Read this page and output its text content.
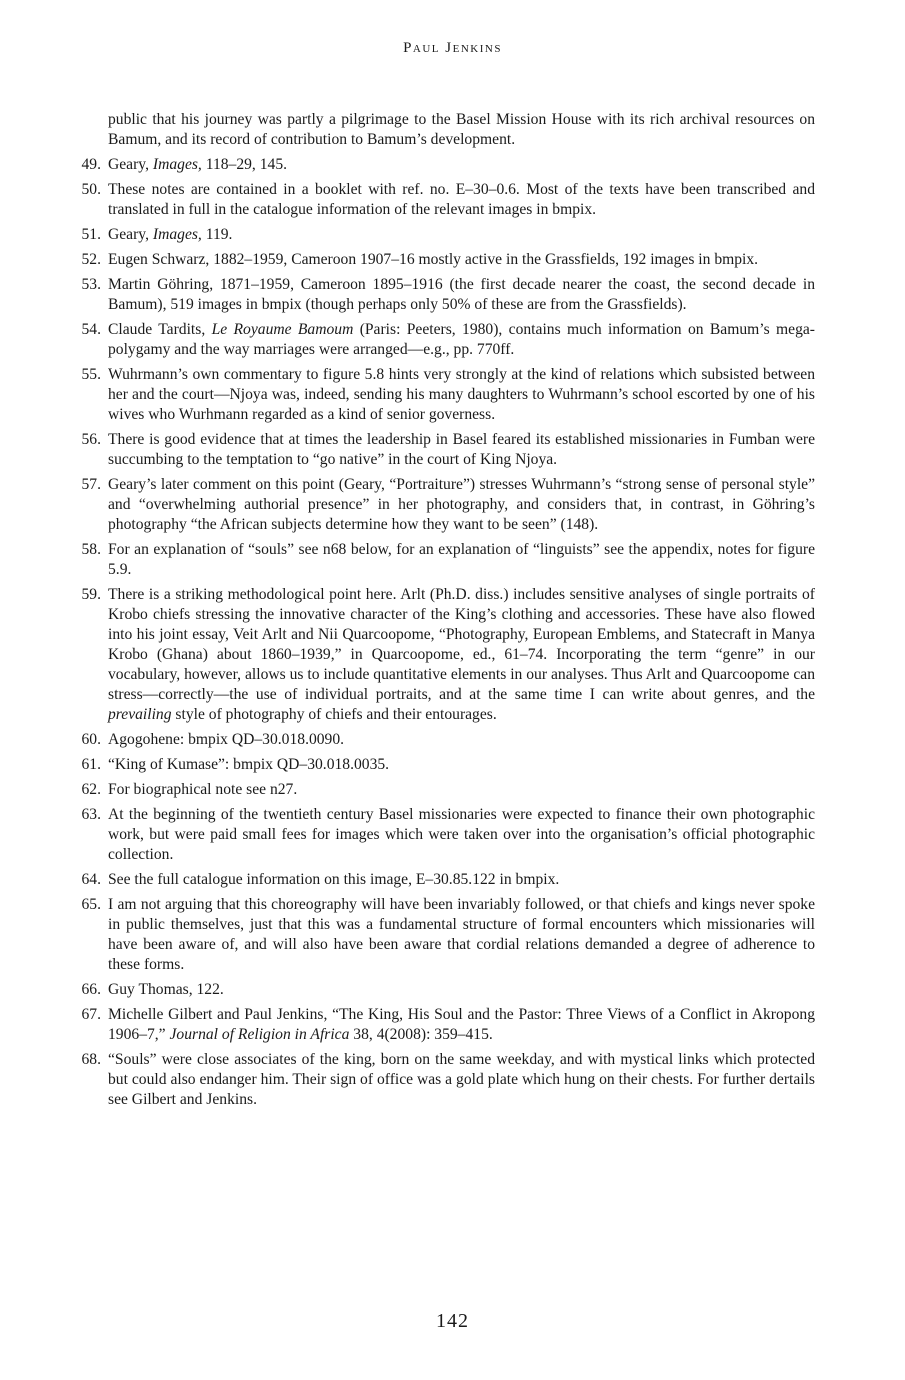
Paul Jenkins
public that his journey was partly a pilgrimage to the Basel Mission House with its rich archival resources on Bamum, and its record of contribution to Bamum’s development.
49 . Geary, Images, 118–29, 145.
50 . These notes are contained in a booklet with ref. no. E–30–0.6. Most of the texts have been transcribed and translated in full in the catalogue information of the relevant images in bmpix.
51 . Geary, Images, 119.
52 . Eugen Schwarz, 1882–1959, Cameroon 1907–16 mostly active in the Grassfields, 192 images in bmpix.
53 . Martin Göhring, 1871–1959, Cameroon 1895–1916 (the first decade nearer the coast, the second decade in Bamum), 519 images in bmpix (though perhaps only 50% of these are from the Grassfields).
54 . Claude Tardits, Le Royaume Bamoum (Paris: Peeters, 1980), contains much information on Bamum’s mega-polygamy and the way marriages were arranged—e.g., pp. 770ff.
55 . Wuhrmann’s own commentary to figure 5.8 hints very strongly at the kind of relations which subsisted between her and the court—Njoya was, indeed, sending his many daughters to Wuhrmann’s school escorted by one of his wives who Wurhmann regarded as a kind of senior governess.
56 . There is good evidence that at times the leadership in Basel feared its established missionaries in Fumban were succumbing to the temptation to “go native” in the court of King Njoya.
57 . Geary’s later comment on this point (Geary, “Portraiture”) stresses Wuhrmann’s “strong sense of personal style” and “overwhelming authorial presence” in her photography, and considers that, in contrast, in Göhring’s photography “the African subjects determine how they want to be seen” (148).
58 . For an explanation of “souls” see n68 below, for an explanation of “linguists” see the appendix, notes for figure 5.9.
59 . There is a striking methodological point here. Arlt (Ph.D. diss.) includes sensitive analyses of single portraits of Krobo chiefs stressing the innovative character of the King’s clothing and accessories. These have also flowed into his joint essay, Veit Arlt and Nii Quarcoopome, “Photography, European Emblems, and Statecraft in Manya Krobo (Ghana) about 1860–1939,” in Quarcoopome, ed., 61–74. Incorporating the term “genre” in our vocabulary, however, allows us to include quantitative elements in our analyses. Thus Arlt and Quarcoopome can stress—correctly—the use of individual portraits, and at the same time I can write about genres, and the prevailing style of photography of chiefs and their entourages.
60 . Agogohene: bmpix QD–30.018.0090.
61 . “King of Kumase”: bmpix QD–30.018.0035.
62 . For biographical note see n27.
63 . At the beginning of the twentieth century Basel missionaries were expected to finance their own photographic work, but were paid small fees for images which were taken over into the organisation’s official photographic collection.
64 . See the full catalogue information on this image, E–30.85.122 in bmpix.
65 . I am not arguing that this choreography will have been invariably followed, or that chiefs and kings never spoke in public themselves, just that this was a fundamental structure of formal encounters which missionaries will have been aware of, and will also have been aware that cordial relations demanded a degree of adherence to these forms.
66 . Guy Thomas, 122.
67 . Michelle Gilbert and Paul Jenkins, “The King, His Soul and the Pastor: Three Views of a Conflict in Akropong 1906–7,” Journal of Religion in Africa 38, 4(2008): 359–415.
68 . “Souls” were close associates of the king, born on the same weekday, and with mystical links which protected but could also endanger him. Their sign of office was a gold plate which hung on their chests. For further dertails see Gilbert and Jenkins.
142
